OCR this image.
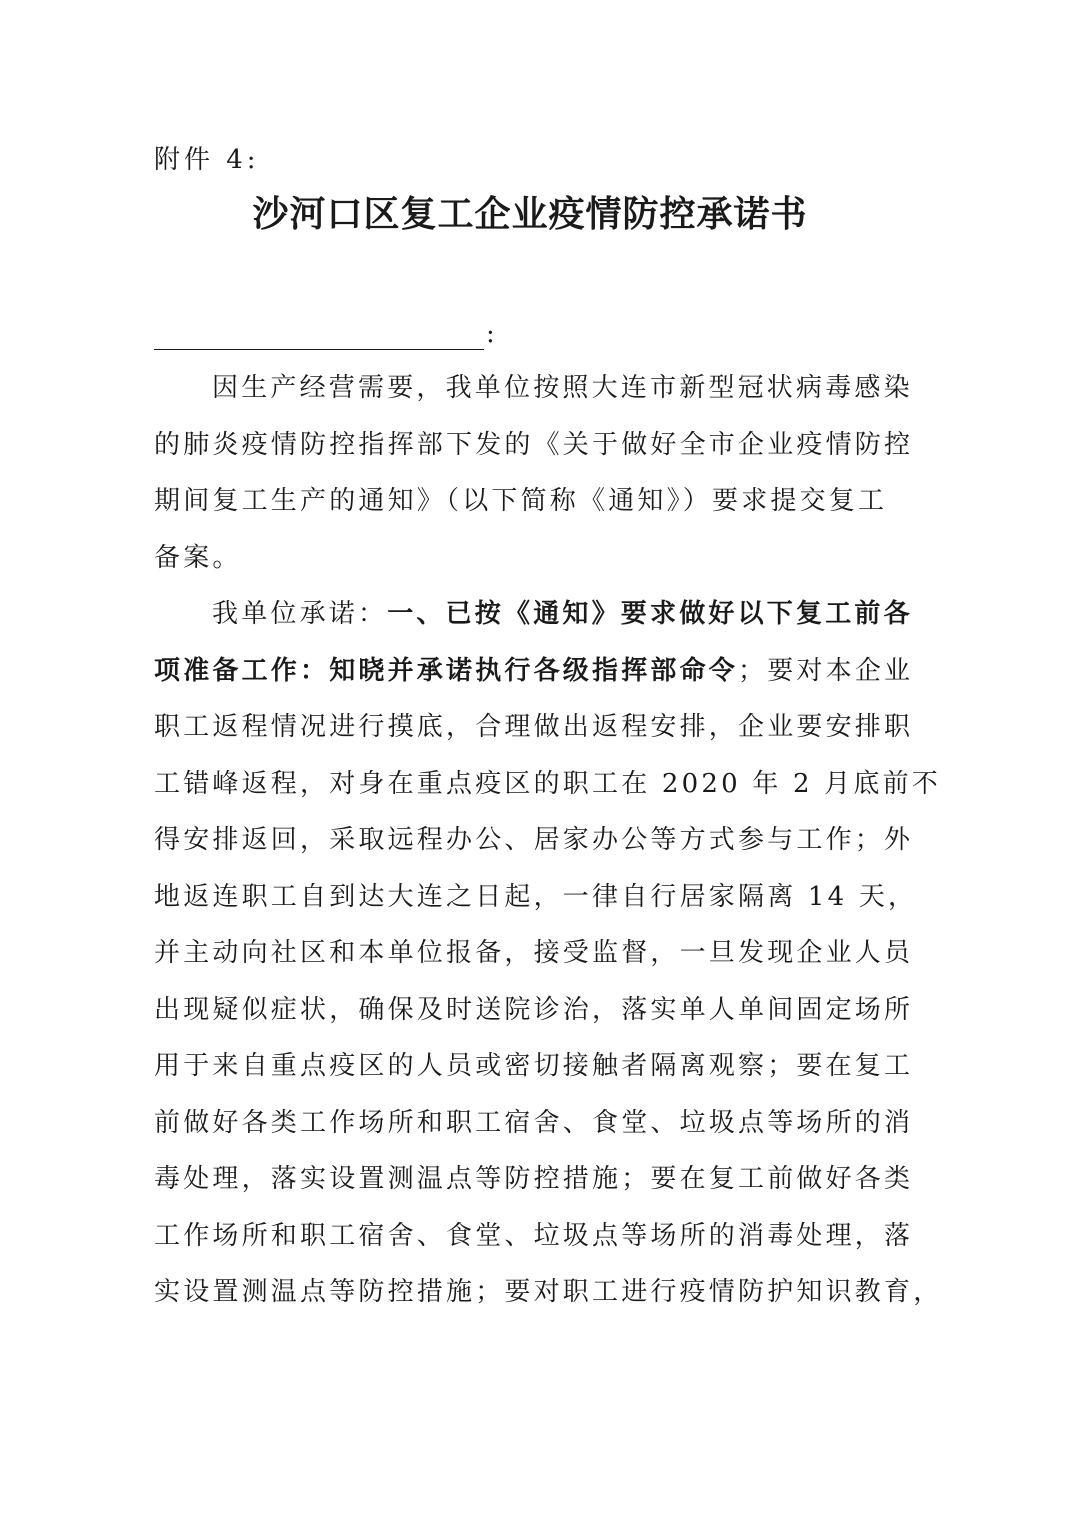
附件 4:
沙河口区复工企业疫情防控承诺书
:
因生产经营需要，我单位按照大连市新型冠状病毒感染
的肺炎疫情防控指挥部下发的《关于做好全市企业疫情防控
期间复工生产的通知》（以下简称《通知》）要求提交复工
备案。
我单位承诺：一、已按《通知》要求做好以下复工前各
项准备工作：知晓并承诺执行各级指挥部命令；要对本企业
职工返程情况进行摸底，合理做出返程安排，企业要安排职
工错峰返程，对身在重点疫区的职工在 2020 年 2 月底前不
得安排返回，采取远程办公、居家办公等方式参与工作；外
地返连职工自到达大连之日起，一律自行居家隔离 14 天，
并主动向社区和本单位报备，接受监督，一旦发现企业人员
出现疑似症状，确保及时送院诊治，落实单人单间固定场所
用于来自重点疫区的人员或密切接触者隔离观察；要在复工
前做好各类工作场所和职工宿舍、食堂、垃圾点等场所的消
毒处理，落实设置测温点等防控措施；要在复工前做好各类
工作场所和职工宿舍、食堂、垃圾点等场所的消毒处理，落
实设置测温点等防控措施；要对职工进行疫情防护知识教育，
